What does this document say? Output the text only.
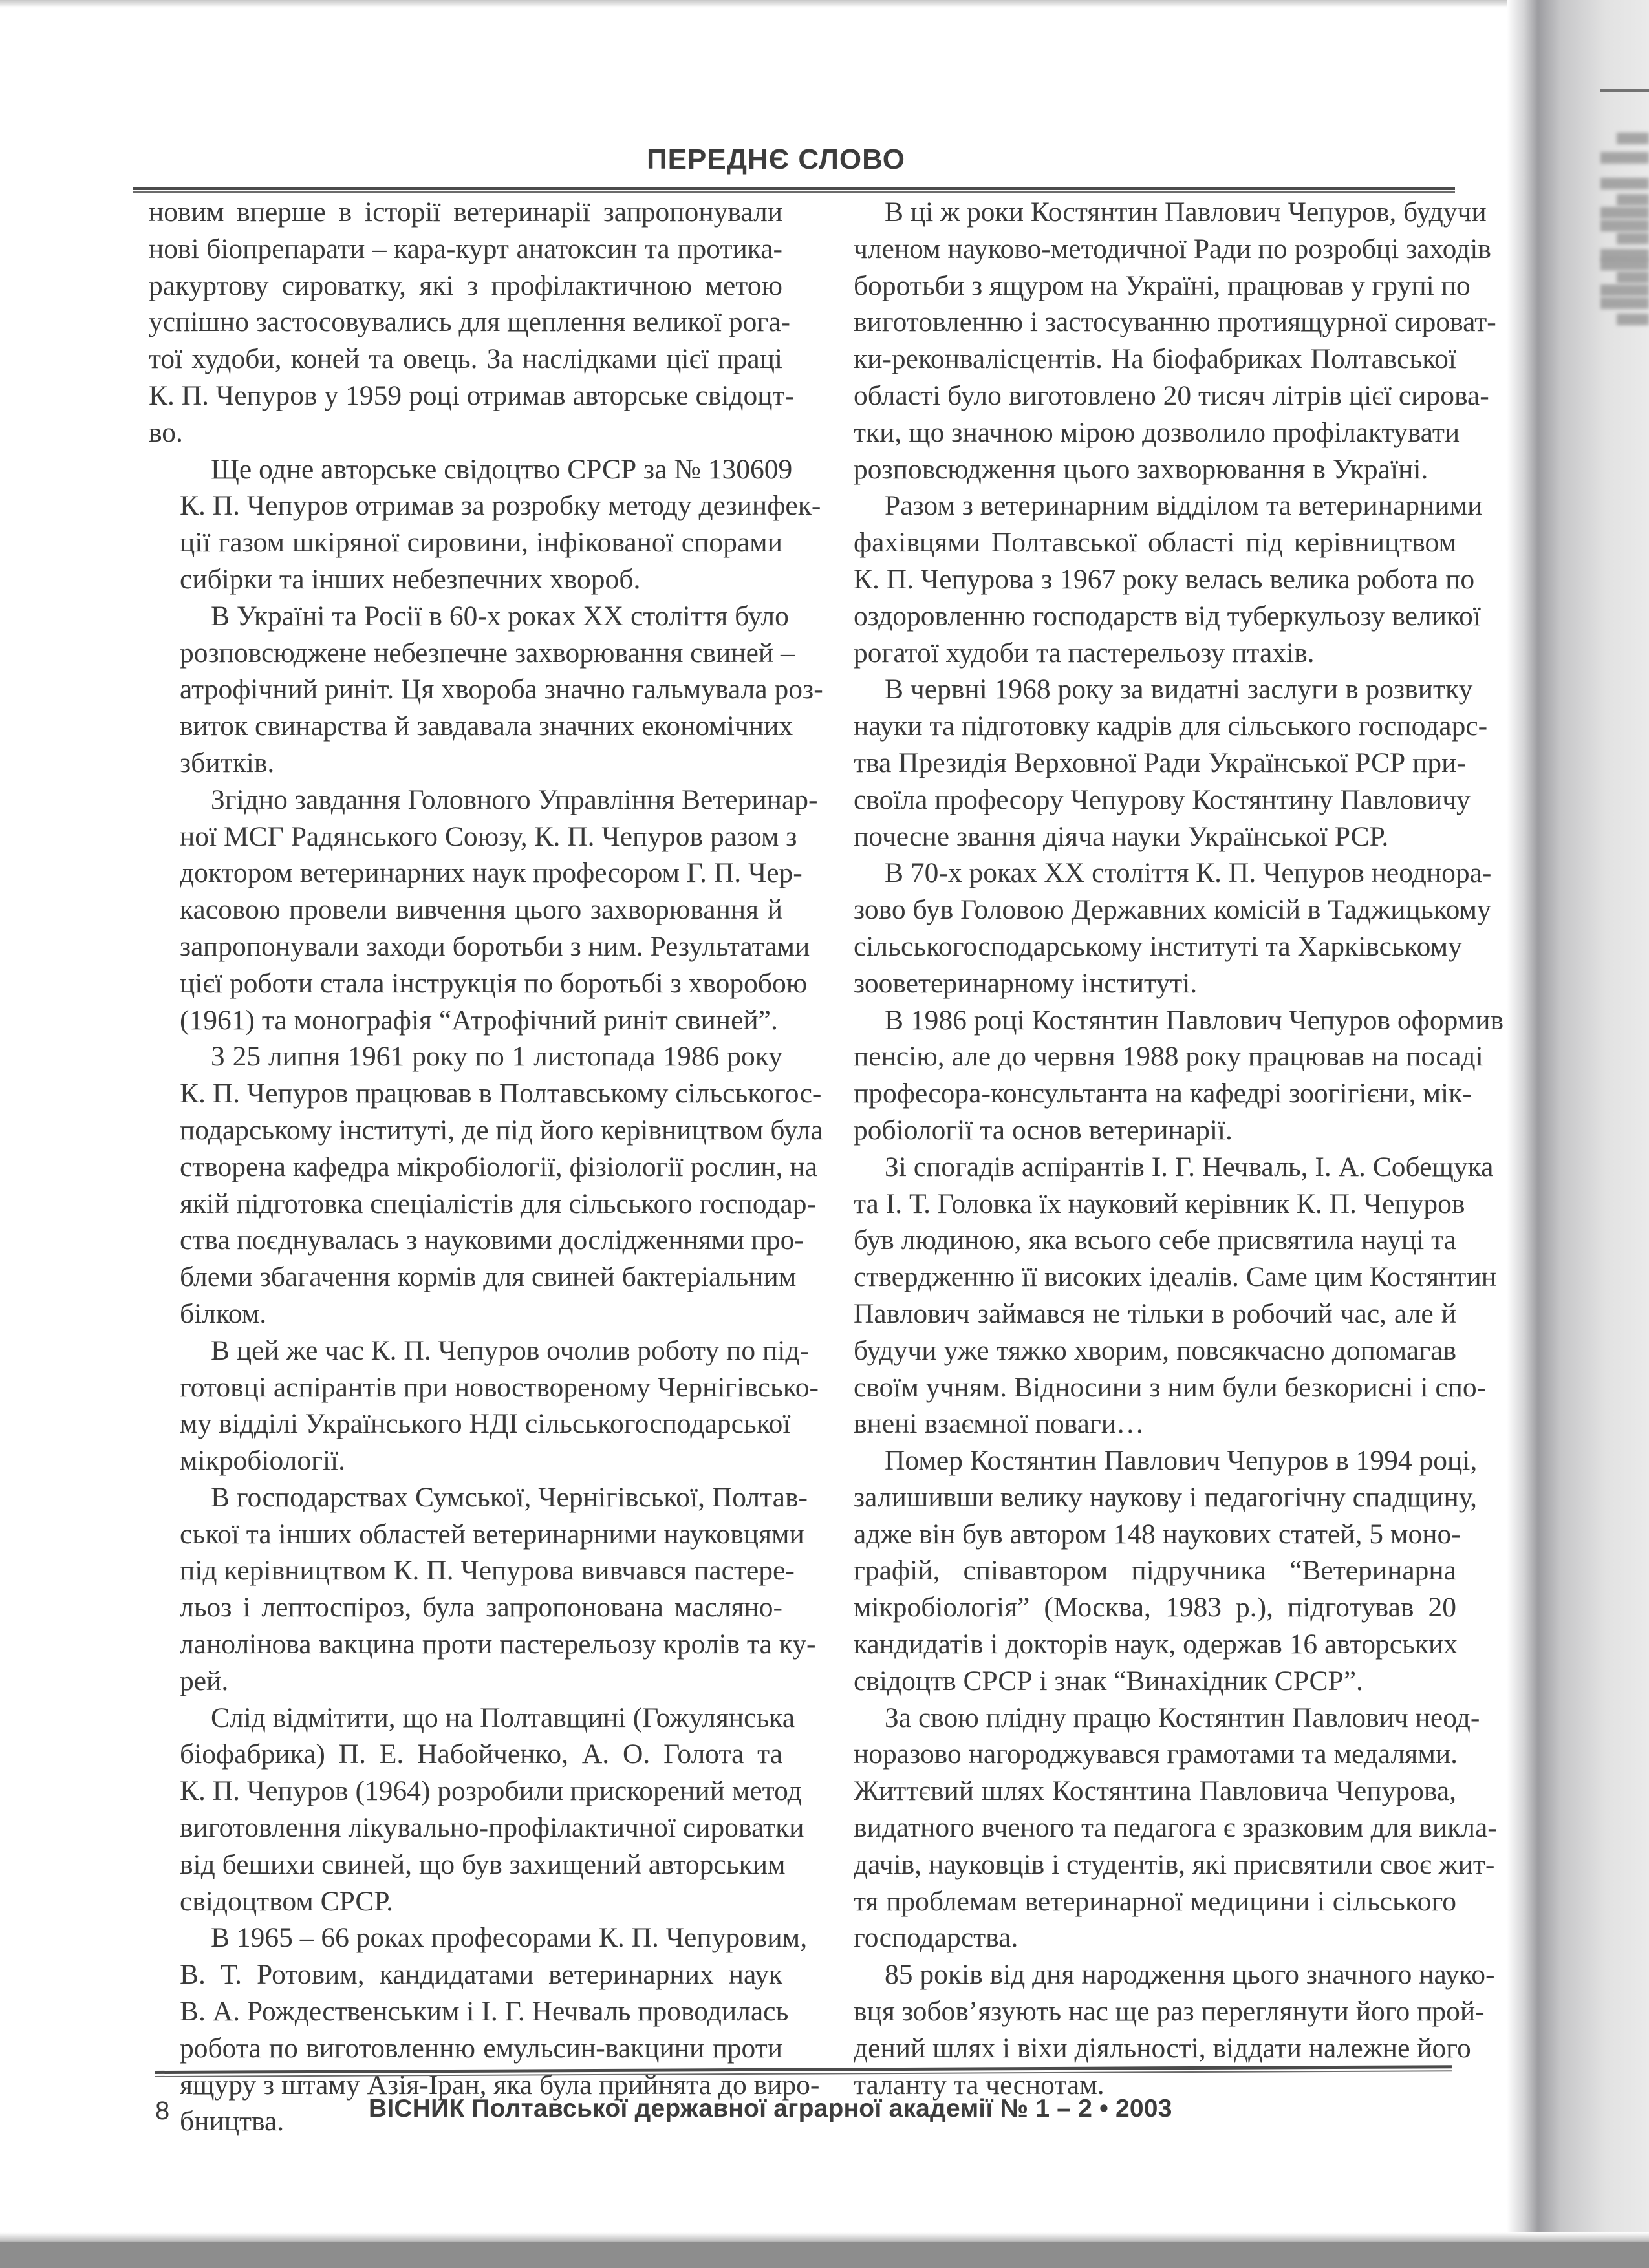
ПЕРЕДНЄ СЛОВО
новим вперше в історії ветеринарії запропонували
нові біопрепарати – кара-курт анатоксин та протика-
ракуртову сироватку, які з профілактичною метою
успішно застосовувались для щеплення великої рога-
тої худоби, коней та овець. За наслідками цієї праці
К. П. Чепуров у 1959 році отримав авторське свідоцт-
во.
Ще одне авторське свідоцтво СРСР за № 130609
К. П. Чепуров отримав за розробку методу дезинфек-
ції газом шкіряної сировини, інфікованої спорами
сибірки та інших небезпечних хвороб.
В Україні та Росії в 60-х роках XX століття було
розповсюджене небезпечне захворювання свиней –
атрофічний риніт. Ця хвороба значно гальмувала роз-
виток свинарства й завдавала значних економічних
збитків.
Згідно завдання Головного Управління Ветеринар-
ної МСГ Радянського Союзу, К. П. Чепуров разом з
доктором ветеринарних наук професором Г. П. Чер-
касовою провели вивчення цього захворювання й
запропонували заходи боротьби з ним. Результатами
цієї роботи стала інструкція по боротьбі з хворобою
(1961) та монографія “Атрофічний риніт свиней”.
З 25 липня 1961 року по 1 листопада 1986 року
К. П. Чепуров працював в Полтавському сільськогос-
подарському інституті, де під його керівництвом була
створена кафедра мікробіології, фізіології рослин, на
якій підготовка спеціалістів для сільського господар-
ства поєднувалась з науковими дослідженнями про-
блеми збагачення кормів для свиней бактеріальним
білком.
В цей же час К. П. Чепуров очолив роботу по під-
готовці аспірантів при новоствореному Чернігівсько-
му відділі Українського НДІ сільськогосподарської
мікробіології.
В господарствах Сумської, Чернігівської, Полтав-
ської та інших областей ветеринарними науковцями
під керівництвом К. П. Чепурова вивчався пастере-
льоз і лептоспіроз, була запропонована масляно-
ланолінова вакцина проти пастерельозу кролів та ку-
рей.
Слід відмітити, що на Полтавщині (Гожулянська
біофабрика) П. Е. Набойченко, А. О. Голота та
К. П. Чепуров (1964) розробили прискорений метод
виготовлення лікувально-профілактичної сироватки
від бешихи свиней, що був захищений авторським
свідоцтвом СРСР.
В 1965 – 66 роках професорами К. П. Чепуровим,
В. Т. Ротовим, кандидатами ветеринарних наук
В. А. Рождественським і І. Г. Нечваль проводилась
робота по виготовленню емульсин-вакцини проти
ящуру з штаму Азія-Іран, яка була прийнята до виро-
бництва.
В ці ж роки Костянтин Павлович Чепуров, будучи
членом науково-методичної Ради по розробці заходів
боротьби з ящуром на Україні, працював у групі по
виготовленню і застосуванню протиящурної сироват-
ки-реконвалісцентів. На біофабриках Полтавської
області було виготовлено 20 тисяч літрів цієї сирова-
тки, що значною мірою дозволило профілактувати
розповсюдження цього захворювання в Україні.
Разом з ветеринарним відділом та ветеринарними
фахівцями Полтавської області під керівництвом
К. П. Чепурова з 1967 року велась велика робота по
оздоровленню господарств від туберкульозу великої
рогатої худоби та пастерельозу птахів.
В червні 1968 року за видатні заслуги в розвитку
науки та підготовку кадрів для сільського господарс-
тва Президія Верховної Ради Української РСР при-
своїла професору Чепурову Костянтину Павловичу
почесне звання діяча науки Української РСР.
В 70-х роках XX століття К. П. Чепуров неоднора-
зово був Головою Державних комісій в Таджицькому
сільськогосподарському інституті та Харківському
зооветеринарному інституті.
В 1986 році Костянтин Павлович Чепуров оформив
пенсію, але до червня 1988 року працював на посаді
професора-консультанта на кафедрі зоогігієни, мік-
робіології та основ ветеринарії.
Зі спогадів аспірантів І. Г. Нечваль, І. А. Собещука
та І. Т. Головка їх науковий керівник К. П. Чепуров
був людиною, яка всього себе присвятила науці та
ствердженню її високих ідеалів. Саме цим Костянтин
Павлович займався не тільки в робочий час, але й
будучи уже тяжко хворим, повсякчасно допомагав
своїм учням. Відносини з ним були безкорисні і спо-
внені взаємної поваги…
Помер Костянтин Павлович Чепуров в 1994 році,
залишивши велику наукову і педагогічну спадщину,
адже він був автором 148 наукових статей, 5 моно-
графій, співавтором підручника “Ветеринарна
мікробіологія” (Москва, 1983 р.), підготував 20
кандидатів і докторів наук, одержав 16 авторських
свідоцтв СРСР і знак “Винахідник СРСР”.
За свою плідну працю Костянтин Павлович неод-
норазово нагороджувався грамотами та медалями.
Життєвий шлях Костянтина Павловича Чепурова,
видатного вченого та педагога є зразковим для викла-
дачів, науковців і студентів, які присвятили своє жит-
тя проблемам ветеринарної медицини і сільського
господарства.
85 років від дня народження цього значного науко-
вця зобов’язують нас ще раз переглянути його прой-
дений шлях і віхи діяльності, віддати належне його
таланту та чеснотам.
8	ВІСНИК Полтавської державної аграрної академії № 1 – 2 • 2003
